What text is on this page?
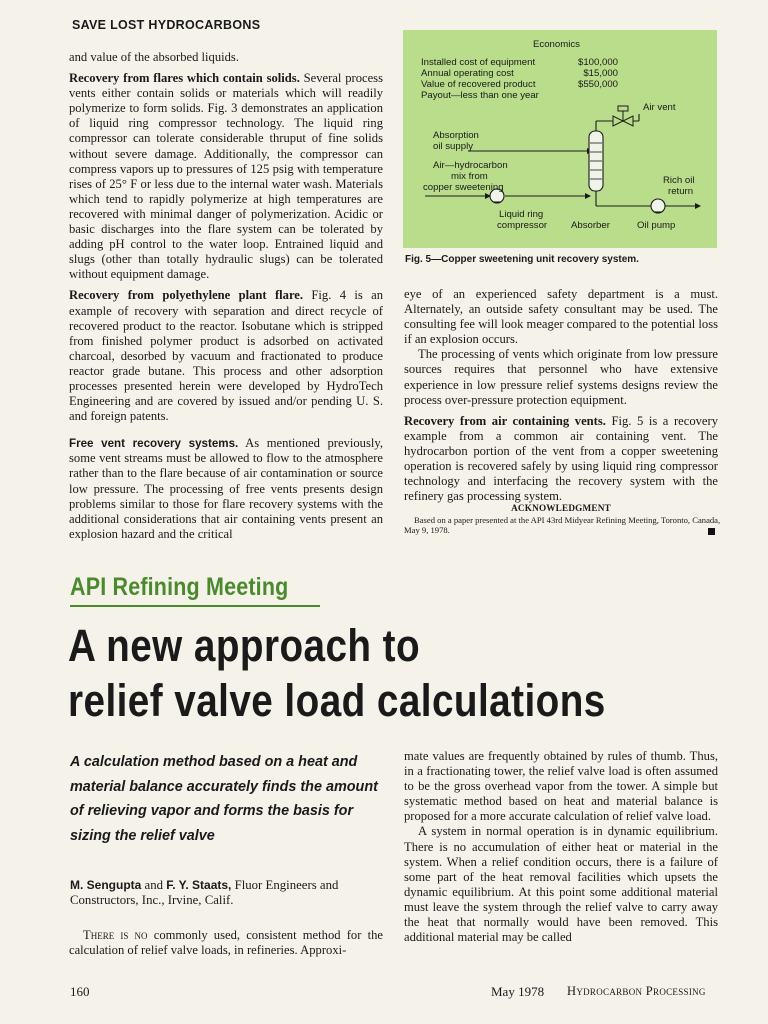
SAVE LOST HYDROCARBONS

and value of the absorbed liquids.

Recovery from flares which contain solids. Several process vents either contain solids or materials which will readily polymerize to form solids. Fig. 3 demonstrates an application of liquid ring compressor technology. The liquid ring compressor can tolerate considerable thruput of fine solids without severe damage. Additionally, the compressor can compress vapors up to pressures of 125 psig with temperature rises of 25° F or less due to the internal water wash. Materials which tend to rapidly polymerize at high temperatures are recovered with minimal danger of polymerization. Acidic or basic discharges into the flare system can be tolerated by adding pH control to the water loop. Entrained liquid and slugs (other than totally hydraulic slugs) can be tolerated without equipment damage.

Recovery from polyethylene plant flare. Fig. 4 is an example of recovery with separation and direct recycle of recovered product to the reactor. Isobutane which is stripped from finished polymer product is adsorbed on activated charcoal, desorbed by vacuum and fractionated to produce reactor grade butane. This process and other adsorption processes presented herein were developed by HydroTech Engineering and are covered by issued and/or pending U. S. and foreign patents.

Free vent recovery systems. As mentioned previously, some vent streams must be allowed to flow to the atmosphere rather than to the flare because of air contamination or source low pressure. The processing of free vents presents design problems similar to those for flare recovery systems with the additional considerations that air containing vents present an explosion hazard and the critical

Economics
Installed cost of equipment	$100,000
Annual operating cost	$15,000
Value of recovered product	$550,000
Payout—less than one year
Air vent
Absorption
oil supply
Air—hydrocarbon
mix from
copper sweetening
Rich oil
return
Liquid ring
compressor Absorber	Oil pump
Fig. 5—Copper sweetening unit recovery system.

eye of an experienced safety department is a must. Alternately, an outside safety consultant may be used. The consulting fee will look meager compared to the potential loss if an explosion occurs.

The processing of vents which originate from low pressure sources requires that personnel who have extensive experience in low pressure relief systems designs review the process over-pressure protection equipment.

Recovery from air containing vents. Fig. 5 is a recovery example from a common air containing vent. The hydrocarbon portion of the vent from a copper sweetening operation is recovered safely by using liquid ring compressor technology and interfacing the recovery system with the refinery gas processing system.

ACKNOWLEDGMENT
Based on a paper presented at the API 43rd Midyear Refining Meeting, Toronto, Canada, May 9, 1978.
API Refining Meeting
A new approach to
relief valve load calculations
A calculation method based on a heat and material balance accurately finds the amount of relieving vapor and forms the basis for sizing the relief valve
M. Sengupta and F. Y. Staats, Fluor Engineers and Constructors, Inc., Irvine, Calif.

There is no commonly used, consistent method for the calculation of relief valve loads, in refineries. Approxi-

mate values are frequently obtained by rules of thumb. Thus, in a fractionating tower, the relief valve load is often assumed to be the gross overhead vapor from the tower. A simple but systematic method based on heat and material balance is proposed for a more accurate calculation of relief valve load.

A system in normal operation is in dynamic equilibrium. There is no accumulation of either heat or material in the system. When a relief condition occurs, there is a failure of some part of the heat removal facilities which upsets the dynamic equilibrium. At this point some additional material must leave the system through the relief valve to carry away the heat that normally would have been removed. This additional material may be called

160	May 1978 Hydrocarbon Processing
